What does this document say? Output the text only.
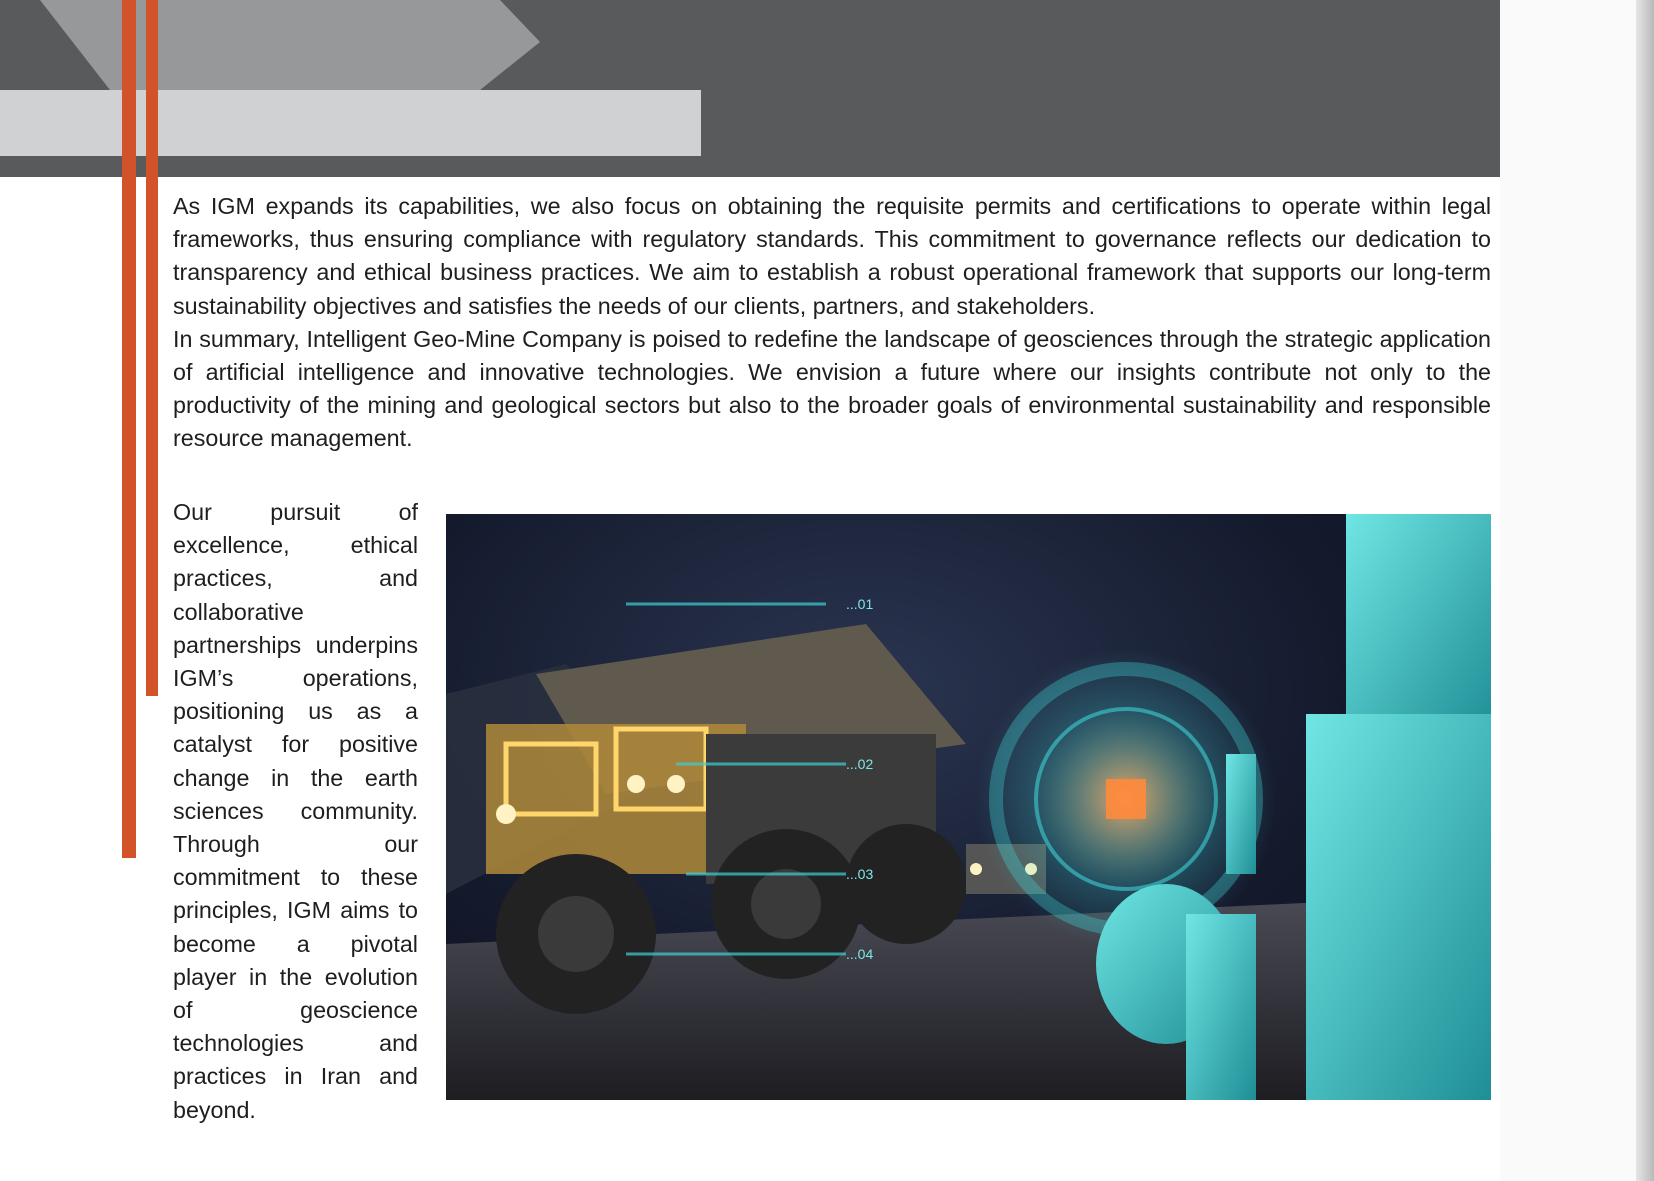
As IGM expands its capabilities, we also focus on obtaining the requisite permits and certifications to operate within legal frameworks, thus ensuring compliance with regulatory standards. This commitment to governance reflects our dedication to transparency and ethical business practices. We aim to establish a robust operational framework that supports our long-term sustainability objectives and satisfies the needs of our clients, partners, and stakeholders.

In summary, Intelligent Geo-Mine Company is poised to redefine the landscape of geosciences through the strategic application of artificial intelligence and innovative technologies. We envision a future where our insights contribute not only to the productivity of the mining and geological sectors but also to the broader goals of environmental sustainability and responsible resource management.

Our pursuit of excellence, ethical practices, and collaborative partnerships underpins IGM’s operations, positioning us as a catalyst for positive change in the earth sciences community. Through our commitment to these principles, IGM aims to become a pivotal player in the evolution of geoscience technologies and practices in Iran and beyond.

...01
...02
...03
...04
